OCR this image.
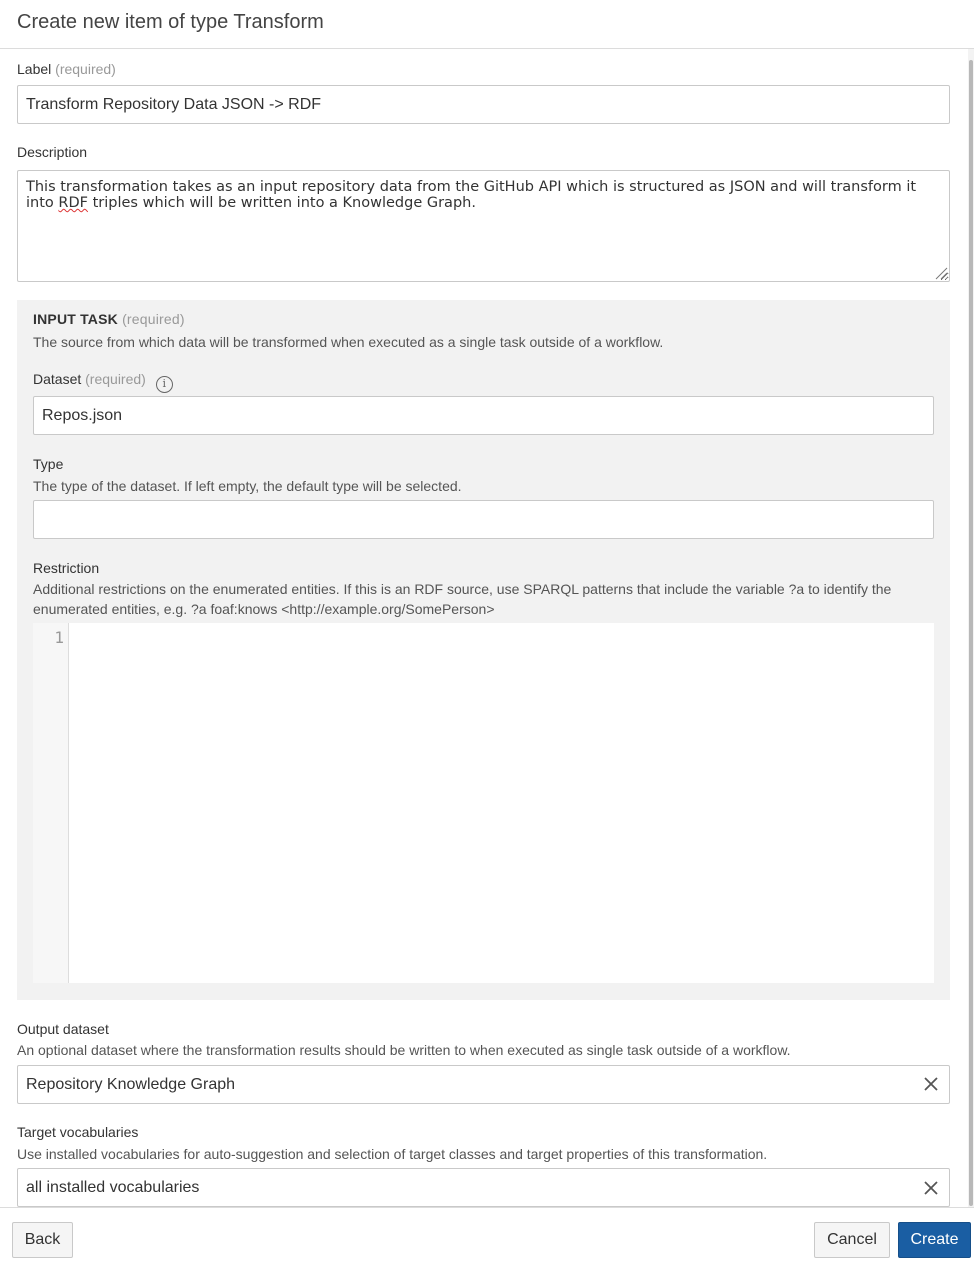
Create new item of type Transform
Label (required)
Transform Repository Data JSON -> RDF
Description
This transformation takes as an input repository data from the GitHub API which is structured as JSON and will transform it into RDF triples which will be written into a Knowledge Graph.
INPUT TASK (required)
The source from which data will be transformed when executed as a single task outside of a workflow.
Dataset (required) i
Repos.json
Type
The type of the dataset. If left empty, the default type will be selected.
Restriction
Additional restrictions on the enumerated entities. If this is an RDF source, use SPARQL patterns that include the variable ?a to identify the enumerated entities, e.g. ?a foaf:knows <http://example.org/SomePerson>
1
Output dataset
An optional dataset where the transformation results should be written to when executed as single task outside of a workflow.
Repository Knowledge Graph
Target vocabularies
Use installed vocabularies for auto-suggestion and selection of target classes and target properties of this transformation.
all installed vocabularies
Back	Cancel	Create
